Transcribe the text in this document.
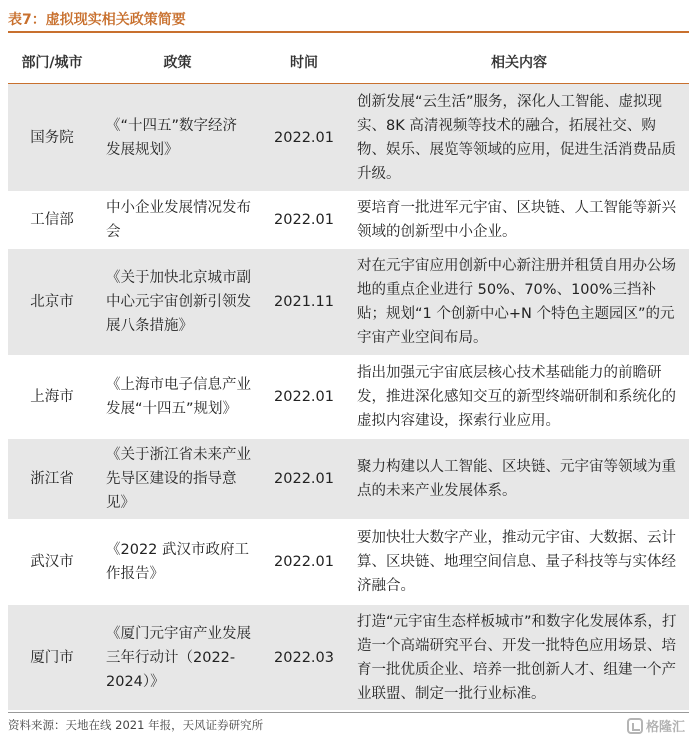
表7：虚拟现实相关政策简要
部门/城市	政策	时间	相关内容
国务院	《“十四五”数字经济发展规划》	2022.01	创新发展“云生活”服务，深化人工智能、虚拟现实、8K 高清视频等技术的融合，拓展社交、购物、娱乐、展览等领域的应用，促进生活消费品质升级。
工信部	中小企业发展情况发布会	2022.01	要培育一批进军元宇宙、区块链、人工智能等新兴领域的创新型中小企业。
北京市	《关于加快北京城市副中心元宇宙创新引领发展八条措施》	2021.11	对在元宇宙应用创新中心新注册并租赁自用办公场地的重点企业进行 50%、70%、100%三挡补贴；规划“1 个创新中心+N 个特色主题园区”的元宇宙产业空间布局。
上海市	《上海市电子信息产业发展“十四五”规划》	2022.01	指出加强元宇宙底层核心技术基础能力的前瞻研发，推进深化感知交互的新型终端研制和系统化的虚拟内容建设，探索行业应用。
浙江省	《关于浙江省未来产业先导区建设的指导意见》	2022.01	聚力构建以人工智能、区块链、元宇宙等领域为重点的未来产业发展体系。
武汉市	《2022 武汉市政府工作报告》	2022.01	要加快壮大数字产业，推动元宇宙、大数据、云计算、区块链、地理空间信息、量子科技等与实体经济融合。
厦门市	《厦门元宇宙产业发展三年行动计（2022-2024）》	2022.03	打造“元宇宙生态样板城市”和数字化发展体系，打造一个高端研究平台、开发一批特色应用场景、培育一批优质企业、培养一批创新人才、组建一个产业联盟、制定一批行业标准。
资料来源：天地在线 2021 年报，天风证券研究所	格隆汇
